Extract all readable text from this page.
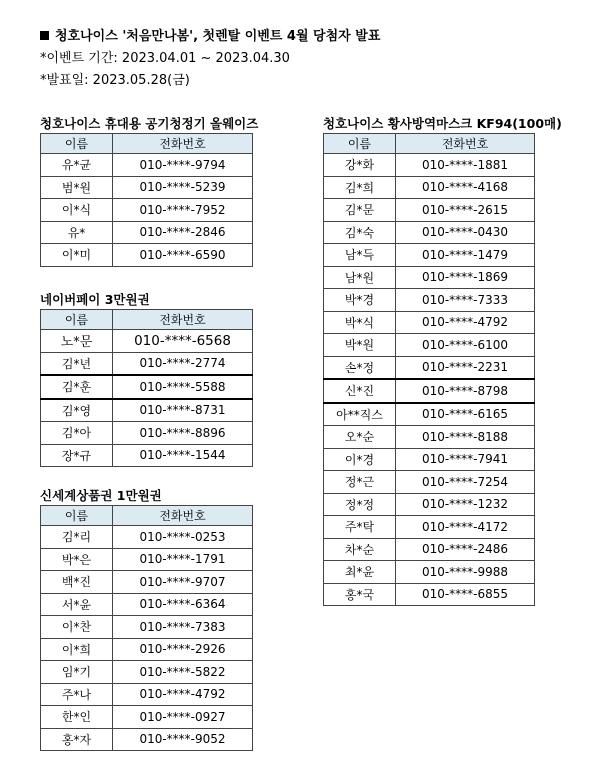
청호나이스 '처음만나봄', 첫렌탈 이벤트 4월 당첨자 발표
*이벤트 기간: 2023.04.01 ~ 2023.04.30
*발표일: 2023.05.28(금)
청호나이스 휴대용 공기청정기 올웨이즈
이름	전화번호
유*균	010-****-9794
범*원	010-****-5239
이*식	010-****-7952
유*	010-****-2846
이*미	010-****-6590
네이버페이 3만원권
이름	전화번호
노*문	010-****-6568
김*년	010-****-2774
김*훈	010-****-5588
김*영	010-****-8731
김*아	010-****-8896
장*규	010-****-1544
신세계상품권 1만원권
이름	전화번호
김*리	010-****-0253
박*은	010-****-1791
백*진	010-****-9707
서*윤	010-****-6364
이*찬	010-****-7383
이*희	010-****-2926
임*기	010-****-5822
주*나	010-****-4792
한*인	010-****-0927
홍*자	010-****-9052
청호나이스 황사방역마스크 KF94(100매)
이름	전화번호
강*화	010-****-1881
김*희	010-****-4168
김*문	010-****-2615
김*숙	010-****-0430
남*득	010-****-1479
남*원	010-****-1869
박*경	010-****-7333
박*식	010-****-4792
박*원	010-****-6100
손*정	010-****-2231
신*진	010-****-8798
아**직스	010-****-6165
오*순	010-****-8188
이*경	010-****-7941
정*근	010-****-7254
정*정	010-****-1232
주*탁	010-****-4172
차*순	010-****-2486
최*윤	010-****-9988
홍*국	010-****-6855
